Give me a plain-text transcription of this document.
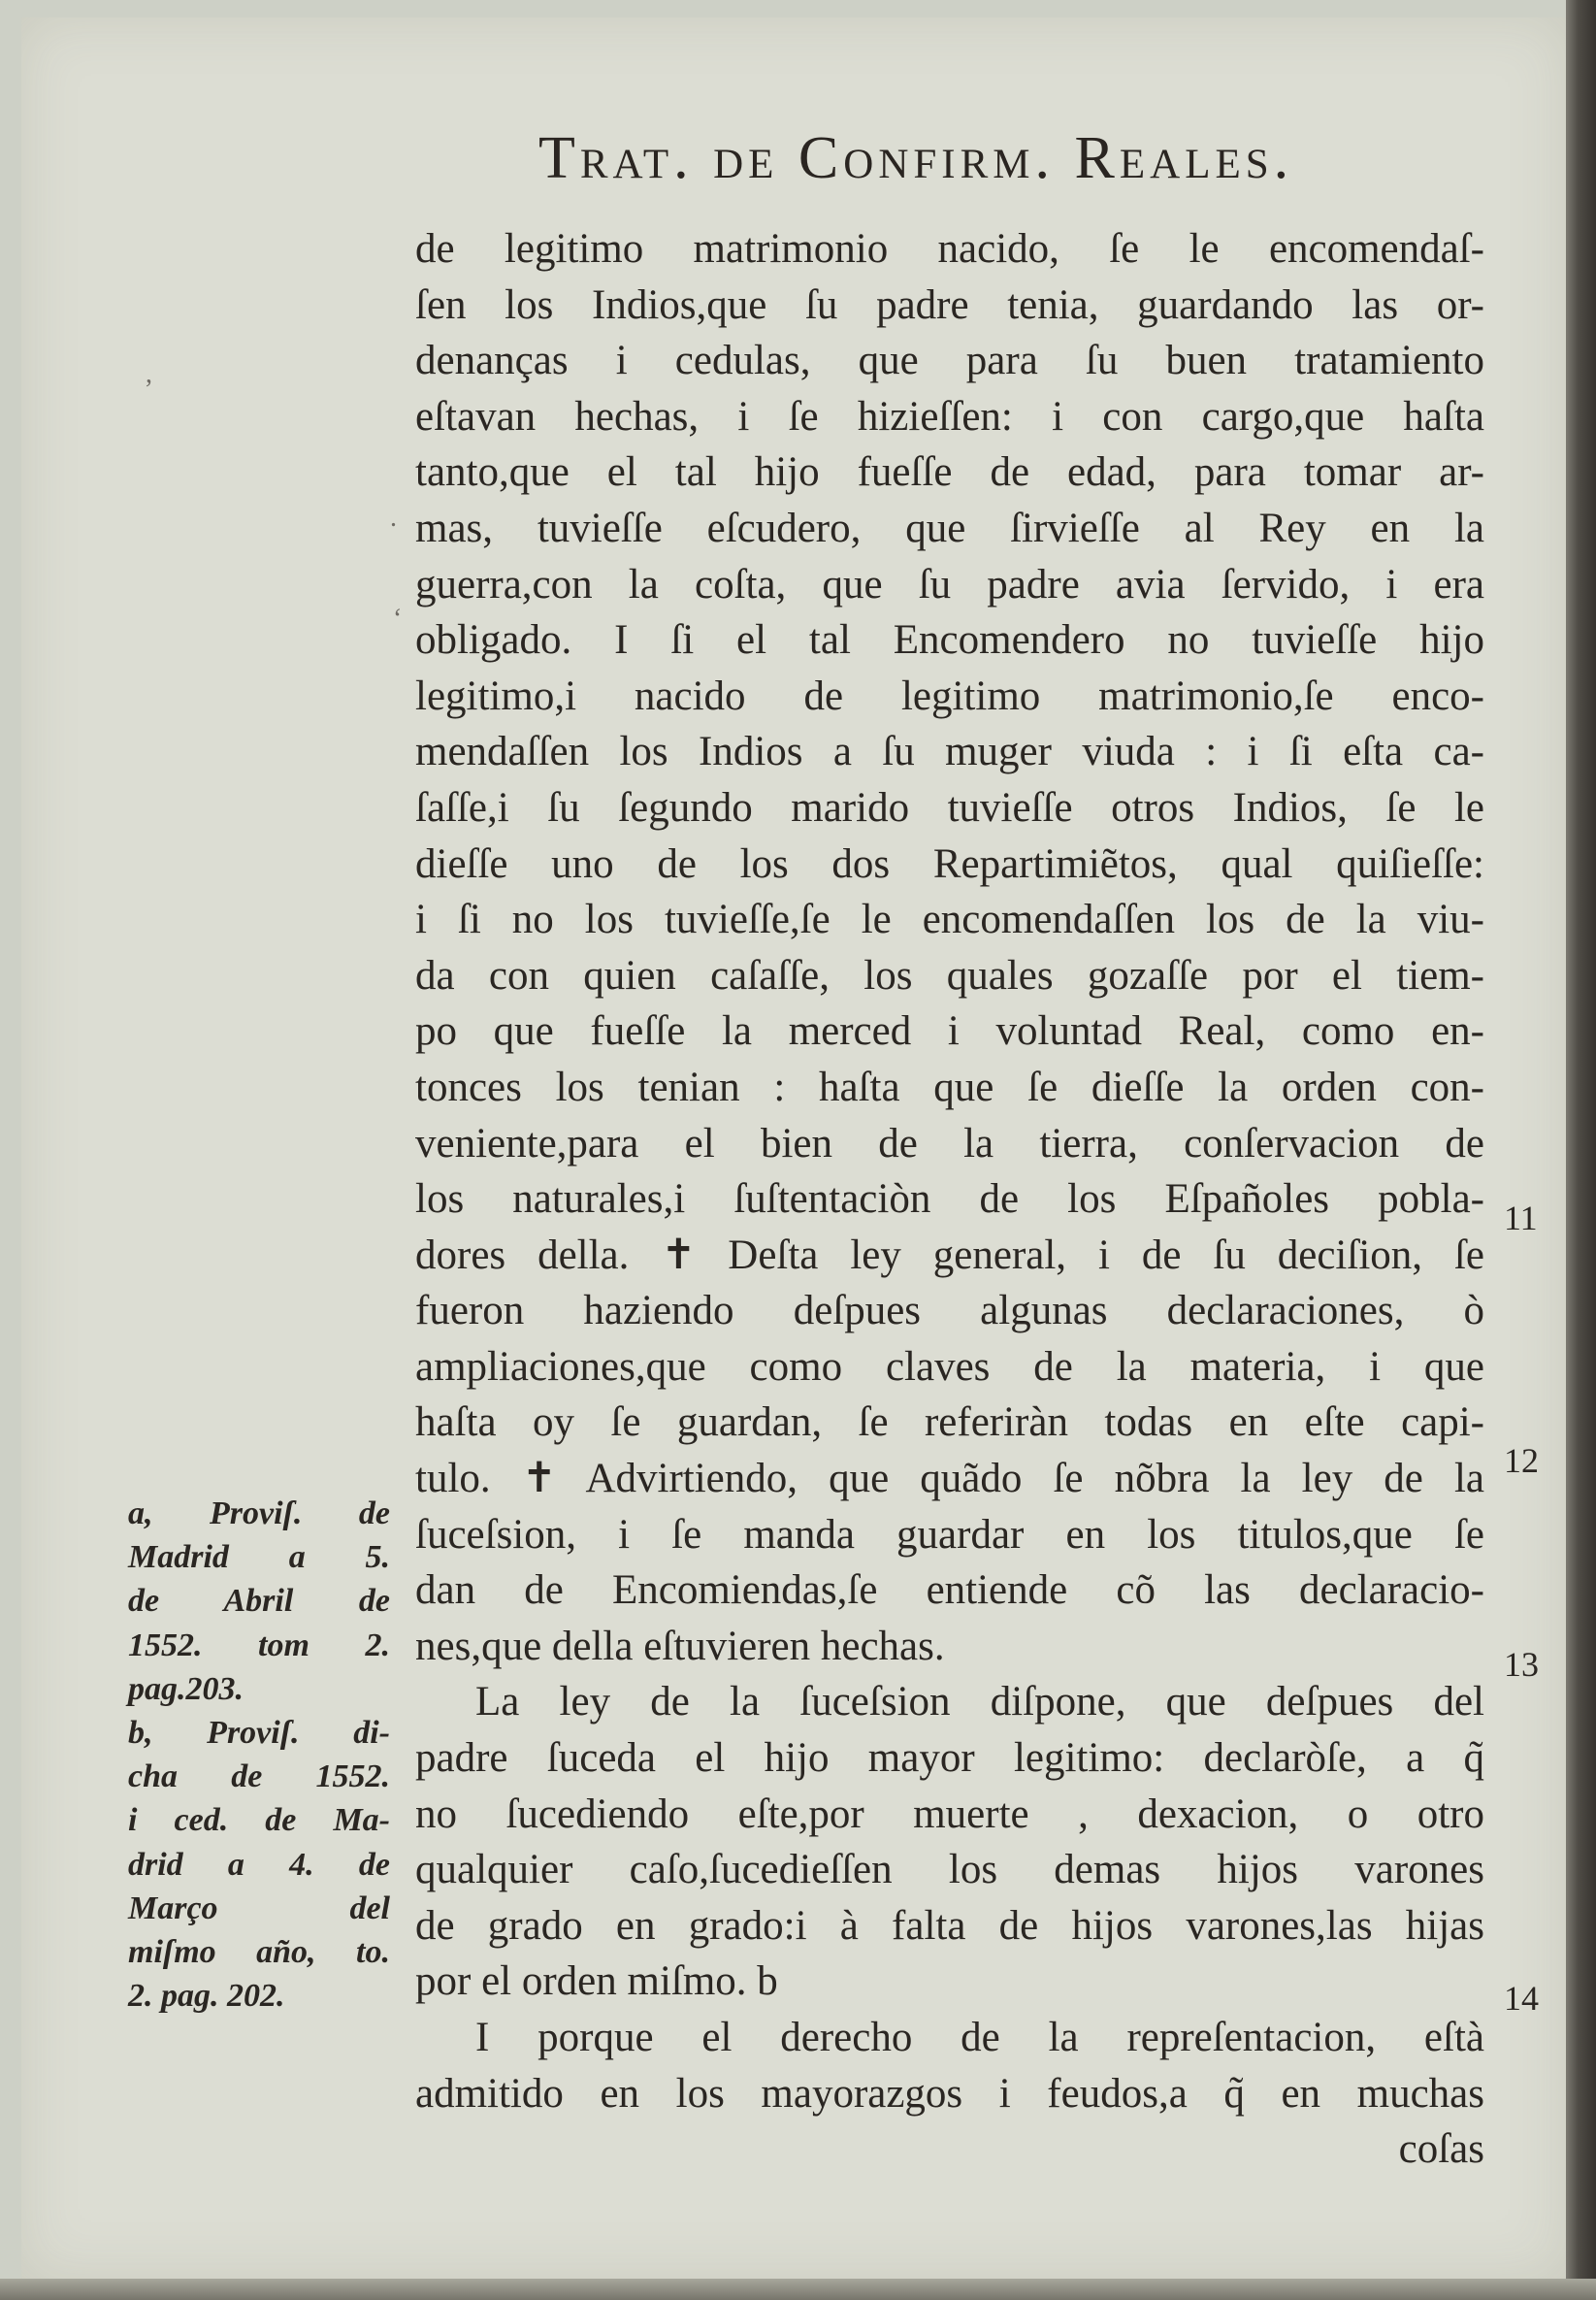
Trat. de Confirm. Reales.
de legitimo matrimonio nacido, ſe le encomendaſ-
ſen los Indios,que ſu padre tenia, guardando las or-
denanças i cedulas, que para ſu buen tratamiento
eſtavan hechas, i ſe hizieſſen: i con cargo,que haſta
tanto,que el tal hijo fueſſe de edad, para tomar ar-
mas, tuvieſſe eſcudero, que ſirvieſſe al Rey en la
guerra,con la coſta, que ſu padre avia ſervido, i era
obligado. I ſi el tal Encomendero no tuvieſſe hijo
legitimo,i nacido de legitimo matrimonio,ſe enco-
mendaſſen los Indios a ſu muger viuda : i ſi eſta ca-
ſaſſe,i ſu ſegundo marido tuvieſſe otros Indios, ſe le
dieſſe uno de los dos Repartimiẽtos, qual quiſieſſe:
i ſi no los tuvieſſe,ſe le encomendaſſen los de la viu-
da con quien caſaſſe, los quales gozaſſe por el tiem-
po que fueſſe la merced i voluntad Real, como en-
tonces los tenian : haſta que ſe dieſſe la orden con-
veniente,para el bien de la tierra, conſervacion de
los naturales,i ſuſtentaciòn de los Eſpañoles pobla-
dores della. ✝ Deſta ley general, i de ſu deciſion, ſe
fueron haziendo deſpues algunas declaraciones, ò
ampliaciones,que como claves de la materia, i que
haſta oy ſe guardan, ſe referiràn todas en eſte capi-
tulo. ✝ Advirtiendo, que quãdo ſe nõbra la ley de la
ſuceſsion, i ſe manda guardar en los titulos,que ſe
dan de Encomiendas,ſe entiende cõ las declaracio-
nes,que della eſtuvieren hechas.
La ley de la ſuceſsion diſpone, que deſpues del
padre ſuceda el hijo mayor legitimo: declaròſe, a q̃
no ſucediendo eſte,por muerte , dexacion, o otro
qualquier caſo,ſucedieſſen los demas hijos varones
de grado en grado:i à falta de hijos varones,las hijas
por el orden miſmo. b
I porque el derecho de la repreſentacion, eſtà
admitido en los mayorazgos i feudos,a q̃ en muchas
coſas
11
12
13
14
a, Proviſ. de
Madrid a 5.
de Abril de
1552. tom 2.
pag.203.
b, Proviſ. di-
cha de 1552.
i ced. de Ma-
drid a 4. de
Março del
miſmo año, to.
2. pag. 202.
,
.
‘
